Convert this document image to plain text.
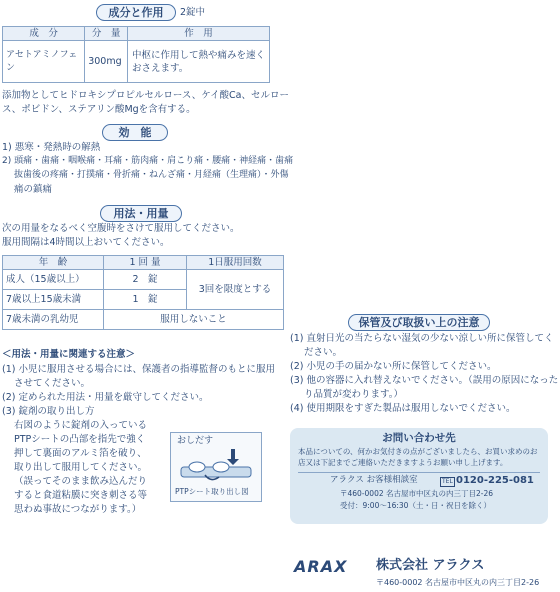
成分と作用	2錠中
成　分	分　量	作　用
アセトアミノフェン	300mg	中枢に作用して熱や痛みを速く
おさえます。
添加物としてヒドロキシプロピルセルロース、ケイ酸Ca、セルロー
ス、ポビドン、ステアリン酸Mgを含有する。
効　能
1) 悪寒・発熱時の解熱
2) 頭痛・歯痛・咽喉痛・耳痛・筋肉痛・肩こり痛・腰痛・神経痛・歯痛
抜歯後の疼痛・打撲痛・骨折痛・ねんざ痛・月経痛（生理痛）・外傷
痛の鎮痛
用法・用量
次の用量をなるべく空腹時をさけて服用してください。
服用間隔は4時間以上おいてください。
年　齢	1 回 量	1日服用回数
成人（15歳以上）	2　錠	3回を限度とする
7歳以上15歳未満	1　錠	
7歳未満の乳幼児	服用しないこと	
＜用法・用量に関連する注意＞
(1) 小児に服用させる場合には、保護者の指導監督のもとに服用
させてください。
(2) 定められた用法・用量を厳守してください。
(3) 錠剤の取り出し方
右図のように錠剤の入っている
PTPシートの凸部を指先で強く
押して裏面のアルミ箔を破り、
取り出して服用してください。
（誤ってそのまま飲み込んだり
すると食道粘膜に突き刺さる等
思わぬ事故につながります。）
おしだす
PTPシート取り出し図
保管及び取扱い上の注意
(1) 直射日光の当たらない湿気の少ない涼しい所に保管してく
ださい。
(2) 小児の手の届かない所に保管してください。
(3) 他の容器に入れ替えないでください。（誤用の原因になった
り品質が変わります。）
(4) 使用期限をすぎた製品は服用しないでください。
お問い合わせ先
本品についての、何かお気付きの点がございましたら、お買い求めのお
店又は下記までご連絡いただきますようお願い申し上げます。
アラクス お客様相談室	TEL 0120-225-081
〒460-0002 名古屋市中区丸の内三丁目2-26
受付：9:00～16:30（土・日・祝日を除く）
ARAX 株式会社 アラクス
〒460-0002 名古屋市中区丸の内三丁目2-26
